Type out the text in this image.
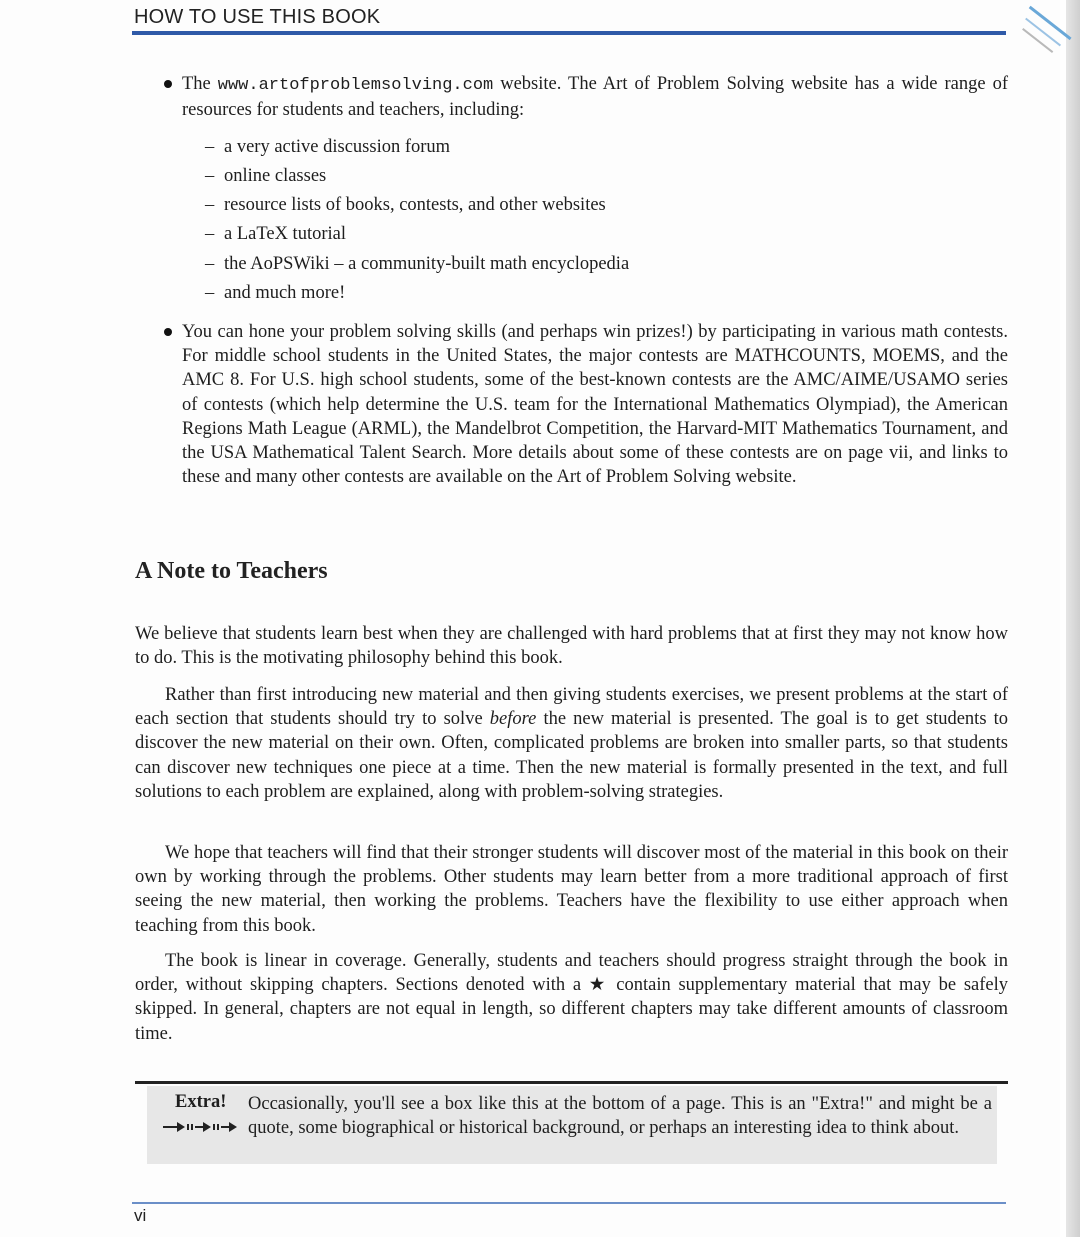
HOW TO USE THIS BOOK
The www.artofproblemsolving.com website. The Art of Problem Solving website has a wide range of resources for students and teachers, including:
– a very active discussion forum
– online classes
– resource lists of books, contests, and other websites
– a LaTeX tutorial
– the AoPSWiki – a community-built math encyclopedia
– and much more!
You can hone your problem solving skills (and perhaps win prizes!) by participating in various math contests. For middle school students in the United States, the major contests are MATHCOUNTS, MOEMS, and the AMC 8. For U.S. high school students, some of the best-known contests are the AMC/AIME/USAMO series of contests (which help determine the U.S. team for the International Mathematics Olympiad), the American Regions Math League (ARML), the Mandelbrot Competition, the Harvard-MIT Mathematics Tournament, and the USA Mathematical Talent Search. More details about some of these contests are on page vii, and links to these and many other contests are available on the Art of Problem Solving website.
A Note to Teachers
We believe that students learn best when they are challenged with hard problems that at first they may not know how to do. This is the motivating philosophy behind this book.
Rather than first introducing new material and then giving students exercises, we present problems at the start of each section that students should try to solve before the new material is presented. The goal is to get students to discover the new material on their own. Often, complicated problems are broken into smaller parts, so that students can discover new techniques one piece at a time. Then the new material is formally presented in the text, and full solutions to each problem are explained, along with problem-solving strategies.
We hope that teachers will find that their stronger students will discover most of the material in this book on their own by working through the problems. Other students may learn better from a more traditional approach of first seeing the new material, then working the problems. Teachers have the flexibility to use either approach when teaching from this book.
The book is linear in coverage. Generally, students and teachers should progress straight through the book in order, without skipping chapters. Sections denoted with a ★ contain supplementary material that may be safely skipped. In general, chapters are not equal in length, so different chapters may take different amounts of classroom time.
Extra! Occasionally, you'll see a box like this at the bottom of a page. This is an "Extra!" and might be a quote, some biographical or historical background, or perhaps an interesting idea to think about.
vi
